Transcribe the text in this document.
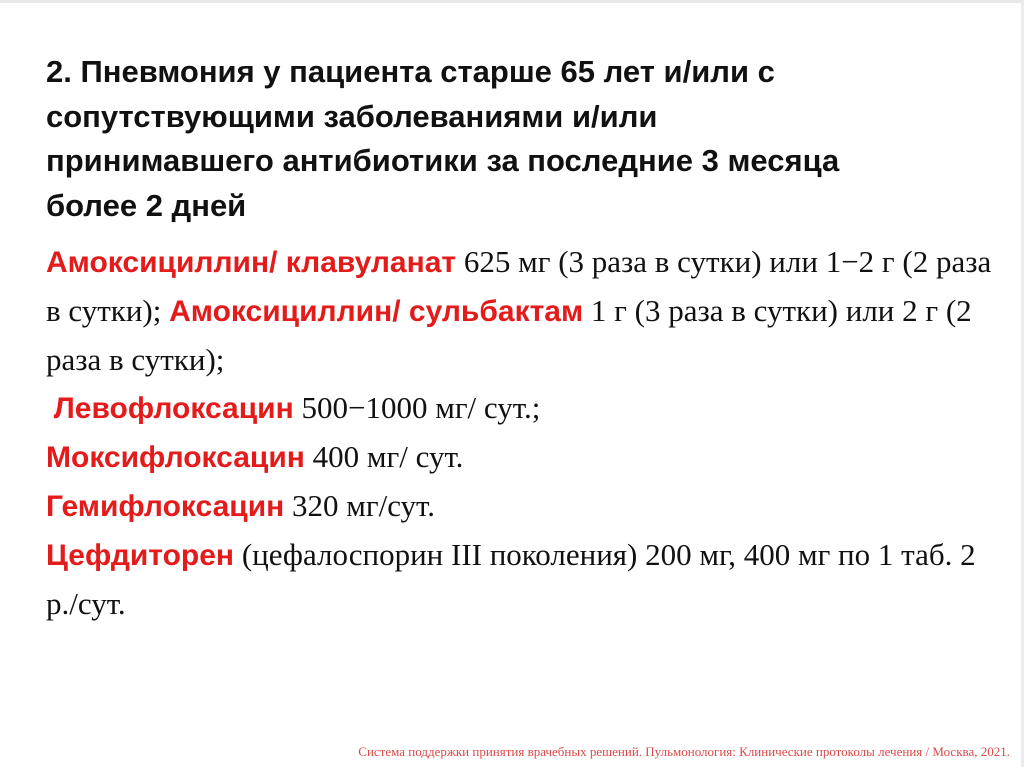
2. Пневмония у пациента старше 65 лет и/или с
сопутствующими заболеваниями и/или
принимавшего антибиотики за последние 3 месяца
более 2 дней

Амоксициллин/ клавуланат 625 мг (3 раза в сутки) или 1−2 г (2 раза в сутки); Амоксициллин/ сульбактам 1 г (3 раза в сутки) или 2 г (2 раза в сутки);
Левофлоксацин 500−1000 мг/ сут.;
Моксифлоксацин 400 мг/ сут.
Гемифлоксацин 320 мг/сут.
Цефдиторен (цефалоспорин III поколения) 200 мг, 400 мг по 1 таб. 2 р./сут.

Система поддержки принятия врачебных решений. Пульмонология: Клинические протоколы лечения / Москва, 2021.
